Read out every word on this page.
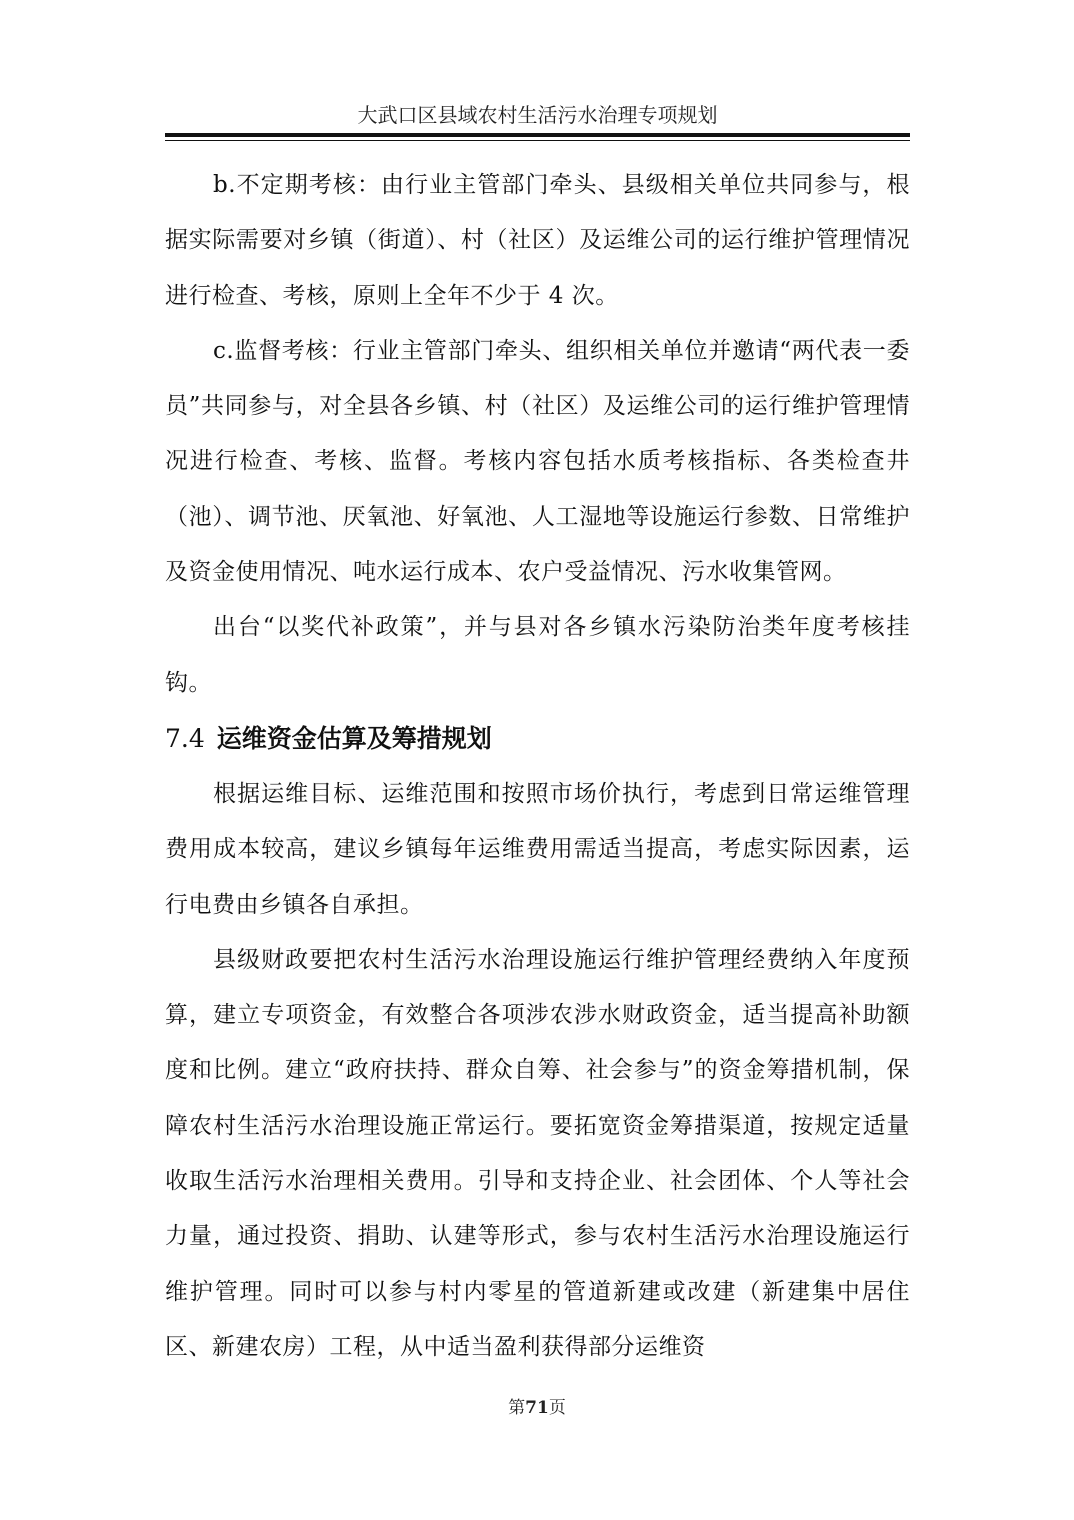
大武口区县域农村生活污水治理专项规划

b.不定期考核：由行业主管部门牵头、县级相关单位共同参与，根据实际需要对乡镇（街道）、村（社区）及运维公司的运行维护管理情况进行检查、考核，原则上全年不少于 4 次。

c.监督考核：行业主管部门牵头、组织相关单位并邀请“两代表一委员”共同参与，对全县各乡镇、村（社区）及运维公司的运行维护管理情况进行检查、考核、监督。考核内容包括水质考核指标、各类检查井（池）、调节池、厌氧池、好氧池、人工湿地等设施运行参数、日常维护及资金使用情况、吨水运行成本、农户受益情况、污水收集管网。

出台“以奖代补政策”，并与县对各乡镇水污染防治类年度考核挂钩。

7.4 运维资金估算及筹措规划

根据运维目标、运维范围和按照市场价执行，考虑到日常运维管理费用成本较高，建议乡镇每年运维费用需适当提高，考虑实际因素，运行电费由乡镇各自承担。

县级财政要把农村生活污水治理设施运行维护管理经费纳入年度预算，建立专项资金，有效整合各项涉农涉水财政资金，适当提高补助额度和比例。建立“政府扶持、群众自筹、社会参与”的资金筹措机制，保障农村生活污水治理设施正常运行。要拓宽资金筹措渠道，按规定适量收取生活污水治理相关费用。引导和支持企业、社会团体、个人等社会力量，通过投资、捐助、认建等形式，参与农村生活污水治理设施运行维护管理。同时可以参与村内零星的管道新建或改建（新建集中居住区、新建农房）工程，从中适当盈利获得部分运维资

第71页
